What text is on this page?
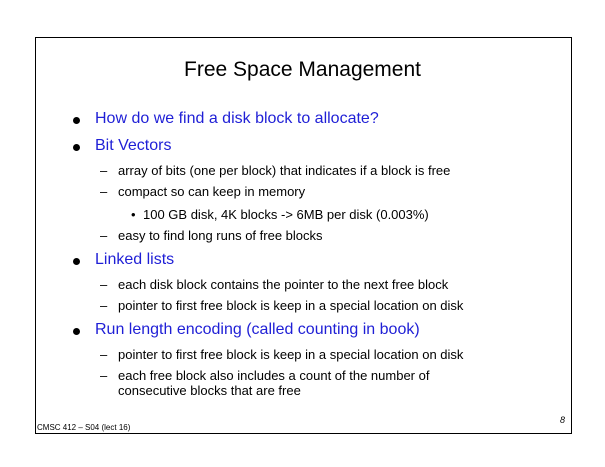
Free Space Management
How do we find a disk block to allocate?
Bit Vectors
– array of bits (one per block) that indicates if a block is free
– compact so can keep in memory
• 100 GB disk, 4K blocks -> 6MB per disk (0.003%)
– easy to find long runs of free blocks
Linked lists
– each disk block contains the pointer to the next free block
– pointer to first free block is keep in a special location on disk
Run length encoding (called counting in book)
– pointer to first free block is keep in a special location on disk
– each free block also includes a count of the number of
consecutive blocks that are free
CMSC 412 – S04 (lect 16)
8
